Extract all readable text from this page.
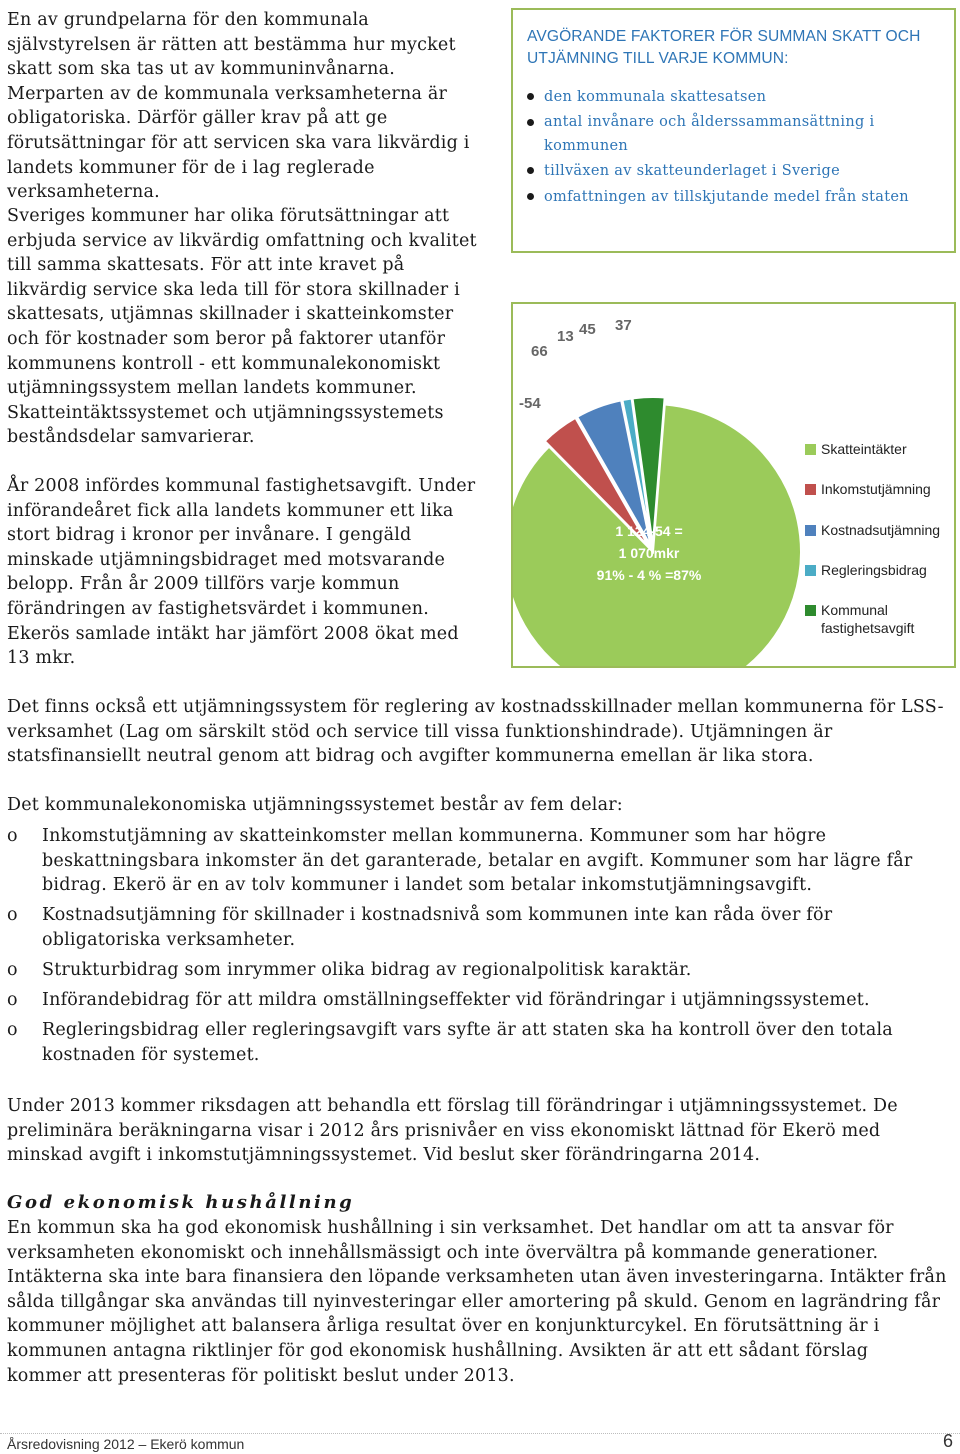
En av grundpelarna för den kommunala självstyrelsen är rätten att bestämma hur mycket skatt som ska tas ut av kommuninvånarna. Merparten av de kommunala verksamheterna är obligatoriska. Därför gäller krav på att ge förutsättningar för att servicen ska vara likvärdig i landets kommuner för de i lag reglerade verksamheterna.

Sveriges kommuner har olika förutsättningar att erbjuda service av likvärdig omfattning och kvalitet till samma skattesats. För att inte kravet på likvärdig service ska leda till för stora skillnader i skattesats, utjämnas skillnader i skatteinkomster och för kostnader som beror på faktorer utanför kommunens kontroll - ett kommunalekonomiskt utjämningssystem mellan landets kommuner. Skatteintäktssystemet och utjämningssystemets beståndsdelar samvarierar.

År 2008 infördes kommunal fastighetsavgift. Under införandeåret fick alla landets kommuner ett lika stort bidrag i kronor per invånare. I gengäld minskade utjämningsbidraget med motsvarande belopp. Från år 2009 tillförs varje kommun förändringen av fastighetsvärdet i kommunen. Ekerös samlade intäkt har jämfört 2008 ökat med 13 mkr.

AVGÖRANDE FAKTORER FÖR SUMMAN SKATT OCH UTJÄMNING TILL VARJE KOMMUN:
den kommunala skattesatsen
antal invånare och ålderssammansättning i kommunen
tillväxen av skatteunderlaget i Sverige
omfattningen av tillskjutande medel från staten
-54
66
13 45 37
Skatteintäkter
Inkomstutjämning
Kostnadsutjämning
Regleringsbidrag
Kommunal fastighetsavgift
1 124-54 =
1 070mkr
91% - 4 % =87%

Det finns också ett utjämningssystem för reglering av kostnadsskillnader mellan kommunerna för LSS-verksamhet (Lag om särskilt stöd och service till vissa funktionshindrade). Utjämningen är statsfinansiellt neutral genom att bidrag och avgifter kommunerna emellan är lika stora.

Det kommunalekonomiska utjämningssystemet består av fem delar:

o Inkomstutjämning av skatteinkomster mellan kommunerna. Kommuner som har högre beskattningsbara inkomster än det garanterade, betalar en avgift. Kommuner som har lägre får bidrag. Ekerö är en av tolv kommuner i landet som betalar inkomstutjämningsavgift.
o Kostnadsutjämning för skillnader i kostnadsnivå som kommunen inte kan råda över för obligatoriska verksamheter.
o Strukturbidrag som inrymmer olika bidrag av regionalpolitisk karaktär.
o Införandebidrag för att mildra omställningseffekter vid förändringar i utjämningssystemet.
o Regleringsbidrag eller regleringsavgift vars syfte är att staten ska ha kontroll över den totala kostnaden för systemet.

Under 2013 kommer riksdagen att behandla ett förslag till förändringar i utjämningssystemet. De preliminära beräkningarna visar i 2012 års prisnivåer en viss ekonomiskt lättnad för Ekerö med minskad avgift i inkomstutjämningssystemet. Vid beslut sker förändringarna 2014.

God ekonomisk hushållning

En kommun ska ha god ekonomisk hushållning i sin verksamhet. Det handlar om att ta ansvar för verksamheten ekonomiskt och innehållsmässigt och inte övervältra på kommande generationer. Intäkterna ska inte bara finansiera den löpande verksamheten utan även investeringarna. Intäkter från sålda tillgångar ska användas till nyinvesteringar eller amortering på skuld. Genom en lagrändring får kommuner möjlighet att balansera årliga resultat över en konjunkturcykel. En förutsättning är i kommunen antagna riktlinjer för god ekonomisk hushållning. Avsikten är att ett sådant förslag kommer att presenteras för politiskt beslut under 2013.

Årsredovisning 2012 – Ekerö kommun	6
